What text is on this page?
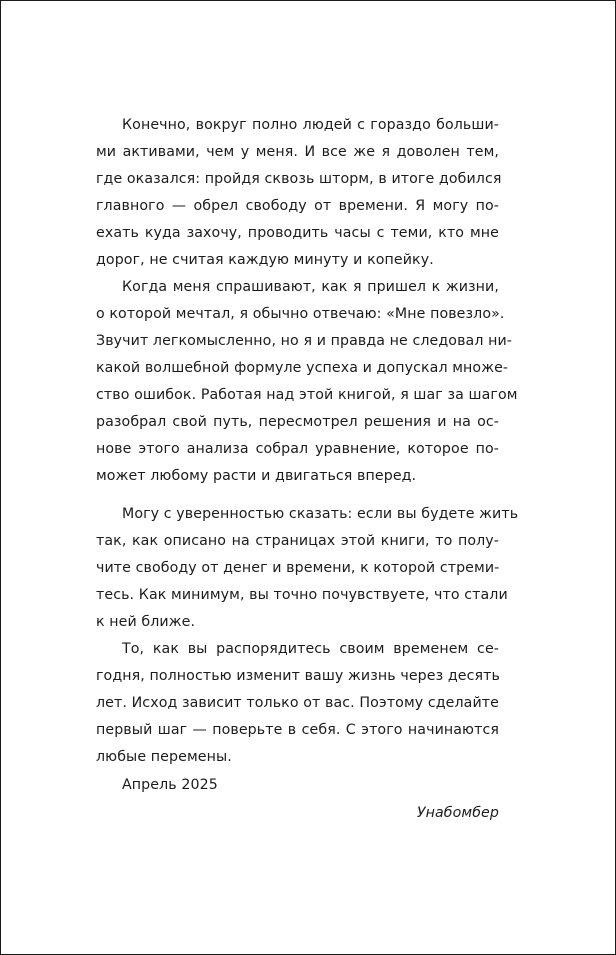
Конечно, вокруг полно людей с гораздо больши-
ми активами, чем у меня. И все же я доволен тем,
где оказался: пройдя сквозь шторм, в итоге добился
главного — обрел свободу от времени. Я могу по-
ехать куда захочу, проводить часы с теми, кто мне
дорог, не считая каждую минуту и копейку.
Когда меня спрашивают, как я пришел к жизни,
о которой мечтал, я обычно отвечаю: «Мне повезло».
Звучит легкомысленно, но я и правда не следовал ни-
какой волшебной формуле успеха и допускал множе-
ство ошибок. Работая над этой книгой, я шаг за шагом
разобрал свой путь, пересмотрел решения и на ос-
нове этого анализа собрал уравнение, которое по-
может любому расти и двигаться вперед.
Могу с уверенностью сказать: если вы будете жить
так, как описано на страницах этой книги, то полу-
чите свободу от денег и времени, к которой стреми-
тесь. Как минимум, вы точно почувствуете, что стали
к ней ближе.
То, как вы распорядитесь своим временем се-
годня, полностью изменит вашу жизнь через десять
лет. Исход зависит только от вас. Поэтому сделайте
первый шаг — поверьте в себя. С этого начинаются
любые перемены.
Апрель 2025
Унабомбер
